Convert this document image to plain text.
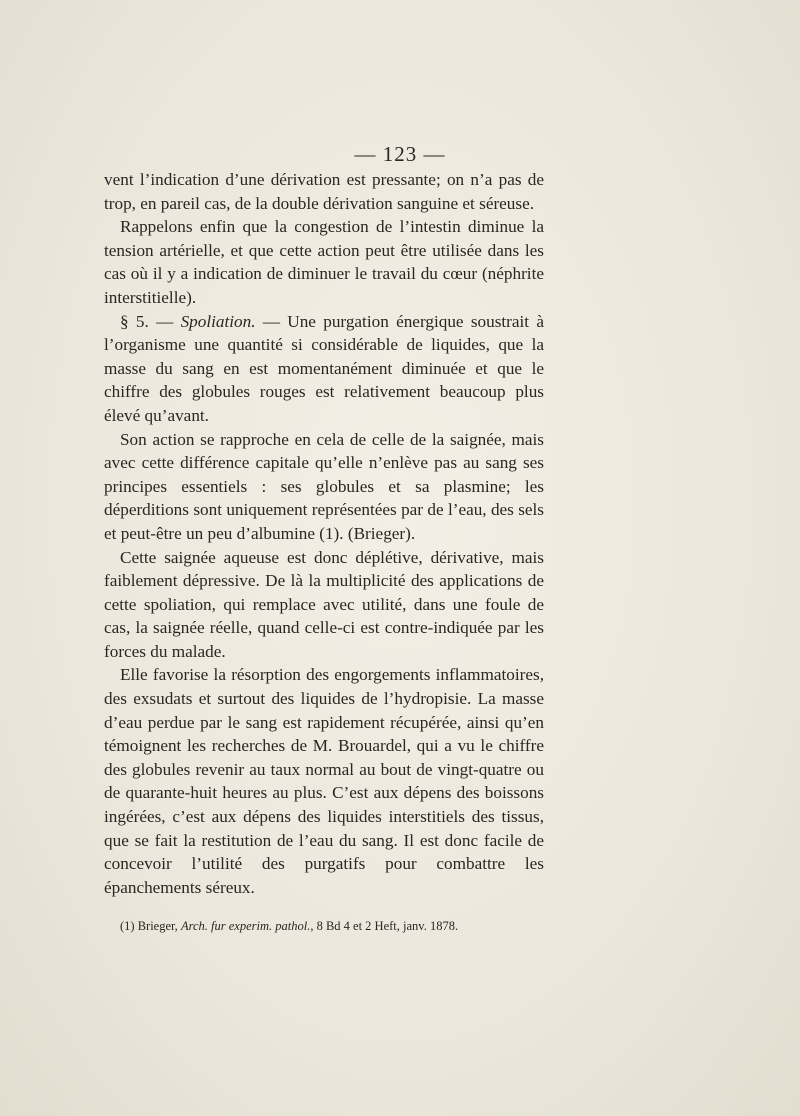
— 123 —

vent l’indication d’une dérivation est pressante; on n’a pas de trop, en pareil cas, de la double dérivation sanguine et séreuse.

Rappelons enfin que la congestion de l’intestin diminue la tension artérielle, et que cette action peut être utilisée dans les cas où il y a indication de diminuer le travail du cœur (néphrite interstitielle).

§ 5. — Spoliation. — Une purgation énergique soustrait à l’organisme une quantité si considérable de liquides, que la masse du sang en est momentanément diminuée et que le chiffre des globules rouges est relativement beaucoup plus élevé qu’avant.

Son action se rapproche en cela de celle de la saignée, mais avec cette différence capitale qu’elle n’enlève pas au sang ses principes essentiels : ses globules et sa plasmine; les déperditions sont uniquement représentées par de l’eau, des sels et peut-être un peu d’albumine (1). (Brieger).

Cette saignée aqueuse est donc déplétive, dérivative, mais faiblement dépressive. De là la multiplicité des applications de cette spoliation, qui remplace avec utilité, dans une foule de cas, la saignée réelle, quand celle-ci est contre-indiquée par les forces du malade.

Elle favorise la résorption des engorgements inflammatoires, des exsudats et surtout des liquides de l’hydropisie. La masse d’eau perdue par le sang est rapidement récupérée, ainsi qu’en témoignent les recherches de M. Brouardel, qui a vu le chiffre des globules revenir au taux normal au bout de vingt-quatre ou de quarante-huit heures au plus. C’est aux dépens des boissons ingérées, c’est aux dépens des liquides interstitiels des tissus, que se fait la restitution de l’eau du sang. Il est donc facile de concevoir l’utilité des purgatifs pour combattre les épanchements séreux.

(1) Brieger, Arch. fur experim. pathol., 8 Bd 4 et 2 Heft, janv. 1878.
